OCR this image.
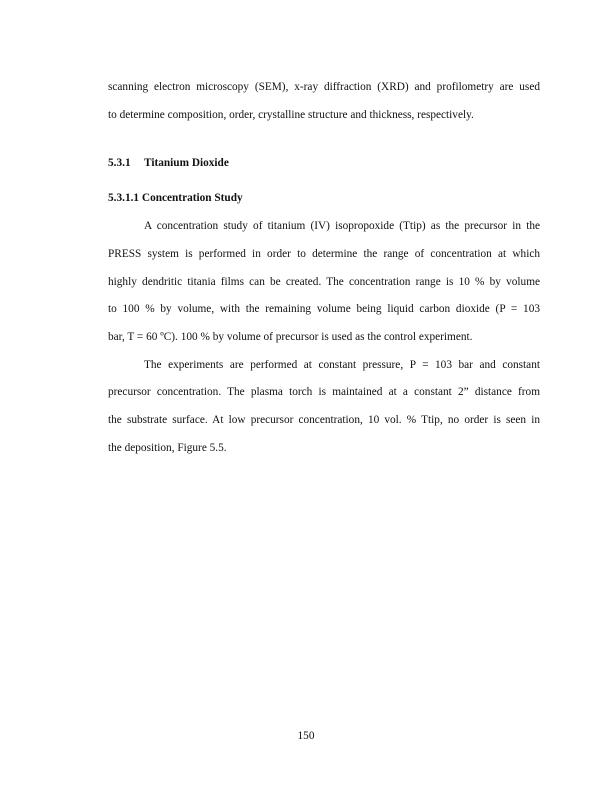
scanning electron microscopy (SEM), x-ray diffraction (XRD) and profilometry are used
to determine composition, order, crystalline structure and thickness, respectively.
5.3.1 Titanium Dioxide
5.3.1.1 Concentration Study
A concentration study of titanium (IV) isopropoxide (Ttip) as the precursor in the
PRESS system is performed in order to determine the range of concentration at which
highly dendritic titania films can be created. The concentration range is 10 % by volume
to 100 % by volume, with the remaining volume being liquid carbon dioxide (P = 103
bar, T = 60 ºC). 100 % by volume of precursor is used as the control experiment.
The experiments are performed at constant pressure, P = 103 bar and constant
precursor concentration. The plasma torch is maintained at a constant 2” distance from
the substrate surface. At low precursor concentration, 10 vol. % Ttip, no order is seen in
the deposition, Figure 5.5.
150
